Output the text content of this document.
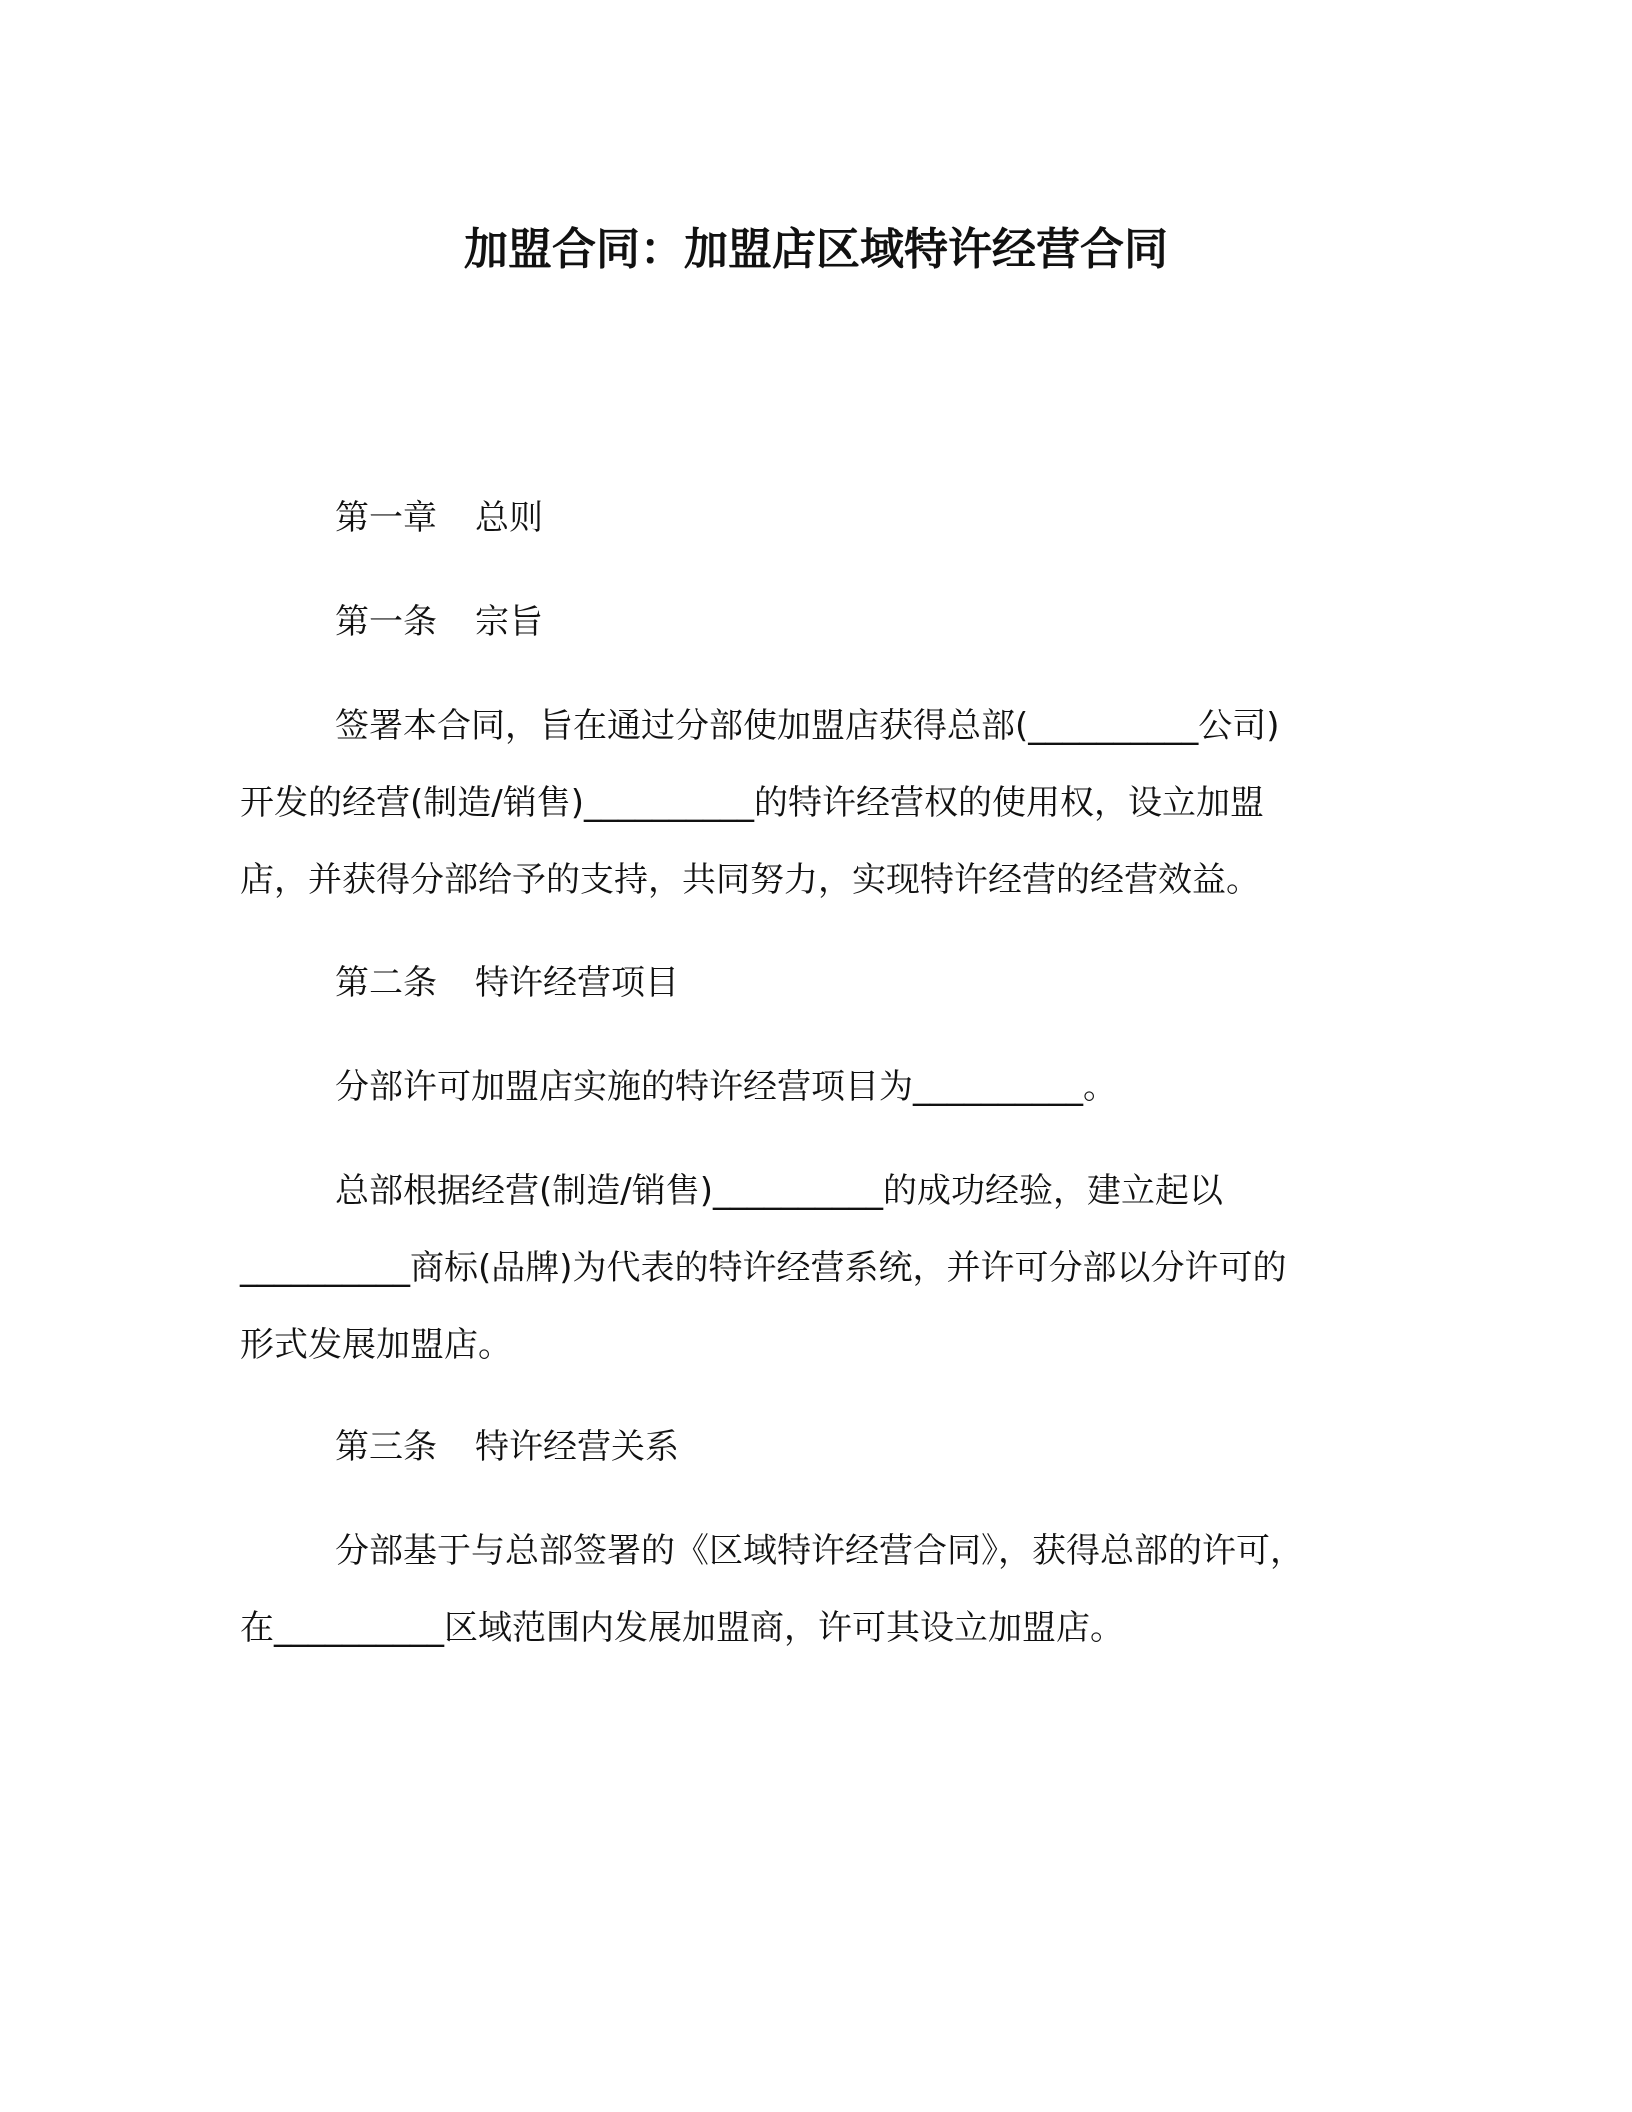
加盟合同：加盟店区域特许经营合同
第一章 总则
第一条 宗旨
签署本合同，旨在通过分部使加盟店获得总部(__________公司)
开发的经营(制造/销售)__________的特许经营权的使用权，设立加盟
店，并获得分部给予的支持，共同努力，实现特许经营的经营效益。
第二条 特许经营项目
分部许可加盟店实施的特许经营项目为__________。
总部根据经营(制造/销售)__________的成功经验，建立起以
__________商标(品牌)为代表的特许经营系统，并许可分部以分许可的
形式发展加盟店。
第三条 特许经营关系
分部基于与总部签署的《区域特许经营合同》，获得总部的许可，
在__________区域范围内发展加盟商，许可其设立加盟店。
